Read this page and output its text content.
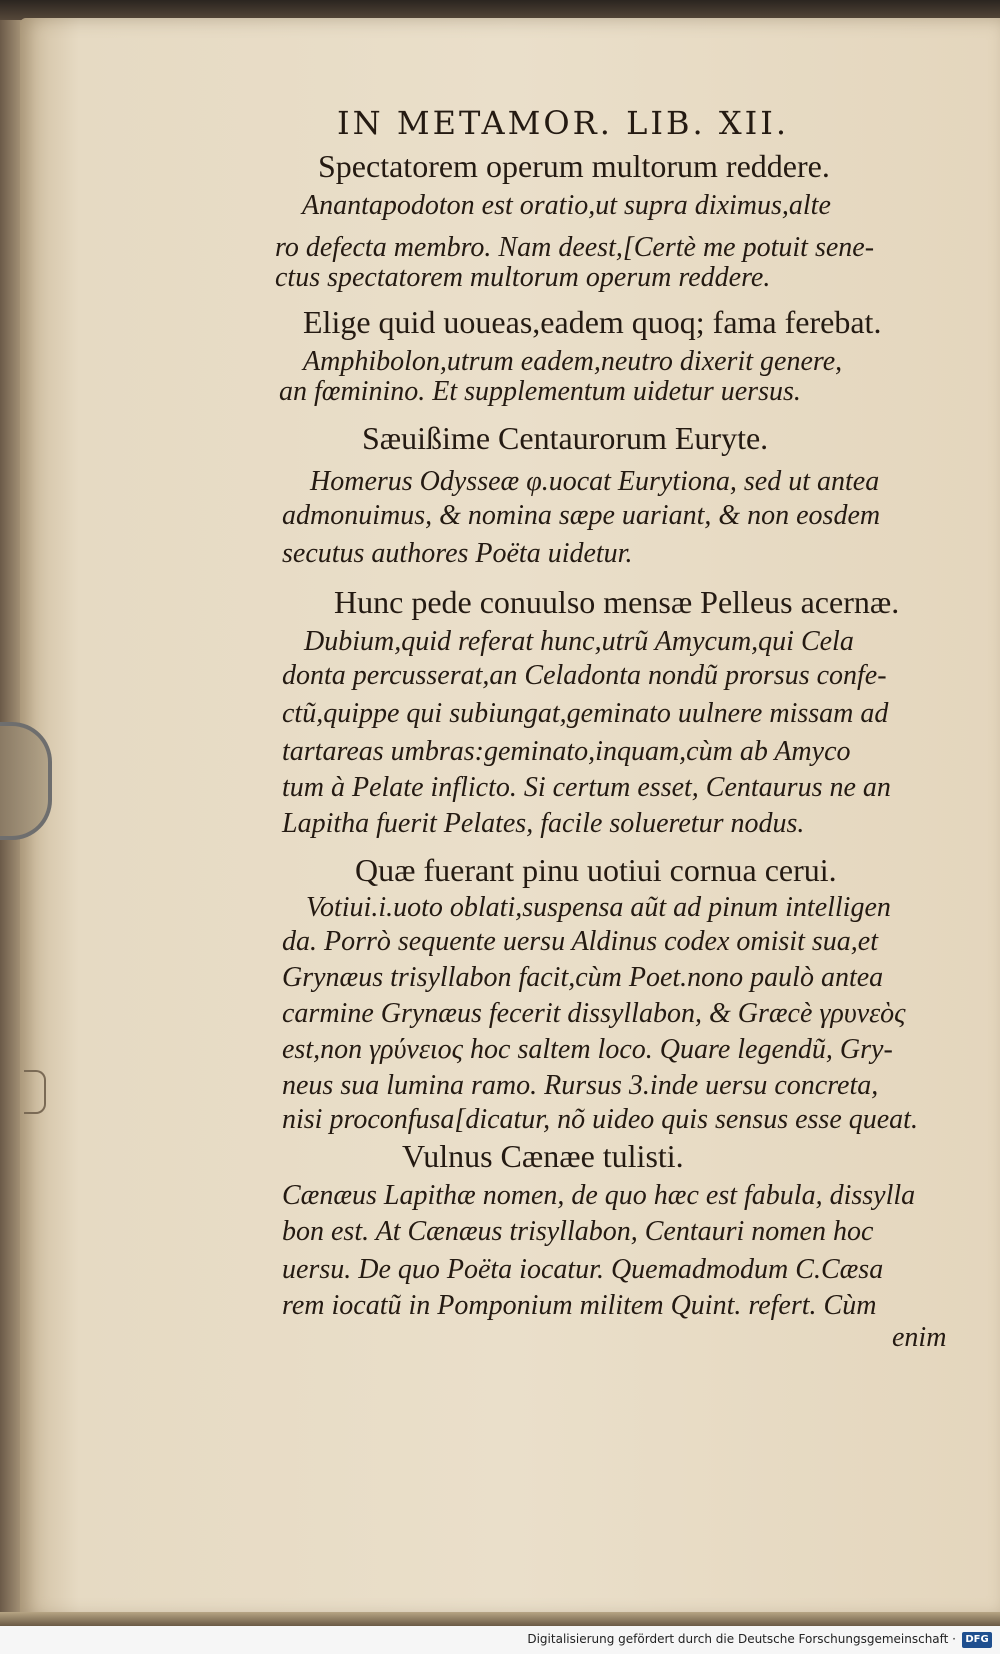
IN METAMOR. LIB. XII.
Spectatorem operum multorum reddere.
Anantapodoton est oratio,ut supra diximus,alte
ro defecta membro. Nam deest,[Certè me potuit sene-
ctus spectatorem multorum operum reddere.
Elige quid uoueas,eadem quoq; fama ferebat.
Amphibolon,utrum eadem,neutro dixerit genere,
an fœminino. Et supplementum uidetur uersus.
Sæuißime Centaurorum Euryte.
Homerus Odysseæ φ.uocat Eurytiona, sed ut antea
admonuimus, & nomina sæpe uariant, & non eosdem
secutus authores Poëta uidetur.
Hunc pede conuulso mensæ Pelleus acernæ.
Dubium,quid referat hunc,utrũ Amycum,qui Cela
donta percusserat,an Celadonta nondũ prorsus confe-
ctũ,quippe qui subiungat,geminato uulnere missam ad
tartareas umbras:geminato,inquam,cùm ab Amyco
tum à Pelate inflicto. Si certum esset, Centaurus ne an
Lapitha fuerit Pelates, facile solueretur nodus.
Quæ fuerant pinu uotiui cornua cerui.
Votiui.i.uoto oblati,suspensa aũt ad pinum intelligen
da. Porrò sequente uersu Aldinus codex omisit sua,et
Grynæus trisyllabon facit,cùm Poet.nono paulò antea
carmine Grynæus fecerit dissyllabon, & Græcè γρυνεὸς
est,non γρύνειος hoc saltem loco. Quare legendũ, Gry-
neus sua lumina ramo. Rursus 3.inde uersu concreta,
nisi proconfusa[dicatur, nõ uideo quis sensus esse queat.
Vulnus Cænæe tulisti.
Cænæus Lapithæ nomen, de quo hæc est fabula, dissylla
bon est. At Cænæus trisyllabon, Centauri nomen hoc
uersu. De quo Poëta iocatur. Quemadmodum C.Cæsa
rem iocatũ in Pomponium militem Quint. refert. Cùm
enim
Digitalisierung gefördert durch die Deutsche Forschungsgemeinschaft · DFG
